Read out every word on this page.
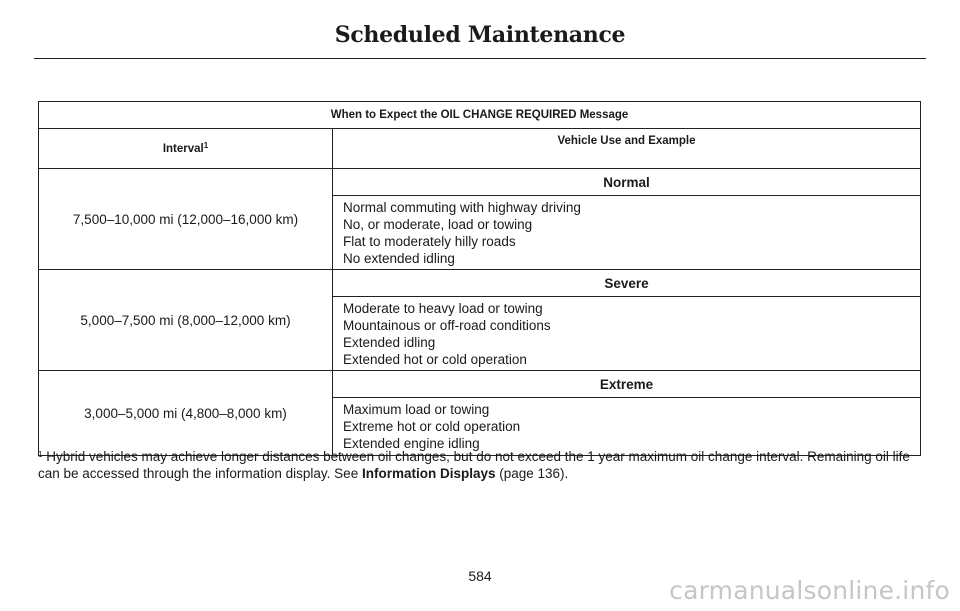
Scheduled Maintenance
When to Expect the OIL CHANGE REQUIRED Message	
Interval$^1$	Vehicle Use and Example
7,500–10,000 mi (12,000–16,000 km)	Normal

	Normal commuting with highway driving
No, or moderate, load or towing
Flat to moderately hilly roads
No extended idling

5,000–7,500 mi (8,000–12,000 km)	Severe

	Moderate to heavy load or towing
Mountainous or off-road conditions
Extended idling
Extended hot or cold operation

3,000–5,000 mi (4,800–8,000 km)	Extreme

	Maximum load or towing
Extreme hot or cold operation
Extended engine idling
$^1$ Hybrid vehicles may achieve longer distances between oil changes, but do not exceed the 1 year maximum oil change interval. Remaining oil life can be accessed through the information display. See Information Displays (page 136).
584	carmanualsonline.info
